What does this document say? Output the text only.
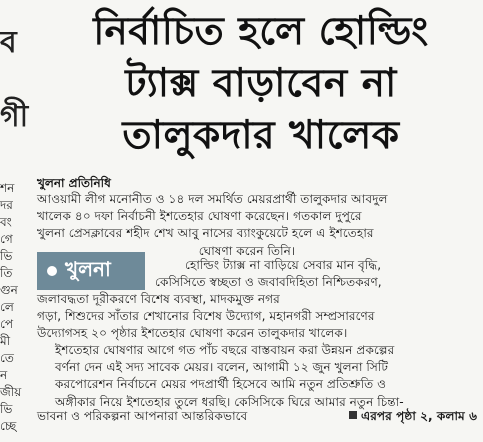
ব
গী
শন
দর
বং
গে
ভি
তি
গুন
লে
পে
মী
তে
ন
জীয়
ভি
চ্ছে
নির্বাচিত হলে হোল্ডিং
ট্যাক্স বাড়াবেন না
তালুকদার খালেক
খুলনা প্রতিনিধি

আওয়ামী লীগ মনোনীত ও ১৪ দল সমর্থিত মেয়রপ্রার্থী তালুকদার আবদুল

খালেক ৪০ দফা নির্বাচনী ইশতেহার ঘোষণা করেছেন। গতকাল দুপুরে

খুলনা প্রেসক্লাবের শহীদ শেখ আবু নাসের ব্যাংকুয়েটে হলে এ ইশতেহার

ঘোষণা করেন তিনি।

খুলনা	হোল্ডিং ট্যাক্স না বাড়িয়ে সেবার মান বৃদ্ধি,

কেসিসিতে স্বচ্ছতা ও জবাবদিহিতা নিশ্চিতকরণ,

জলাবদ্ধতা দূরীকরণে বিশেষ ব্যবস্থা, মাদকমুক্ত নগর

গড়া, শিশুদের সাঁতার শেখানোর বিশেষ উদ্যোগ, মহানগরী সম্প্রসারণের

উদ্যোগসহ ২০ পৃষ্ঠার ইশতেহার ঘোষণা করেন তালুকদার খালেক।

ইশতেহার ঘোষণার আগে গত পাঁচ বছরে বাস্তবায়ন করা উন্নয়ন প্রকল্পের

বর্ণনা দেন এই সদ্য সাবেক মেয়র। বলেন, আগামী ১২ জুন খুলনা সিটি

করপোরেশন নির্বাচনে মেয়র পদপ্রার্থী হিসেবে আমি নতুন প্রতিশ্রুতি ও

অঙ্গীকার নিয়ে ইশতেহার তুলে ধরছি। কেসিসিকে ঘিরে আমার নতুন চিন্তা-

ভাবনা ও পরিকল্পনা আপনারা আন্তরিকভাবে	এরপর পৃষ্ঠা ২, কলাম ৬
